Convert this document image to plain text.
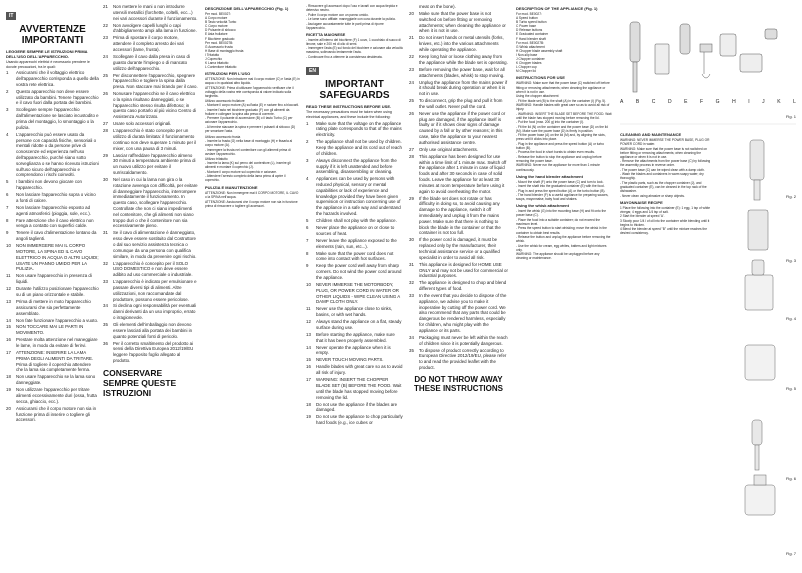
IT
AVVERTENZE IMPORTANTI
LEGGERE SEMPRE LE ISTRUZIONI PRIMA DELL'USO DELL'APPARECCHIO.
Usando apparecchi elettrici è necessario prendere le dovute precauzioni, tra le quali:
1	Assicurarsi che il voltaggio elettrico dell'apparecchio corrisponda a quello della vostra rete elettrica.
2	Questo apparecchio non deve essere utilizzato da bambini. Tenere l'apparecchio e il cavo fuori dalla portata dei bambini.
3	Scollegare sempre l'apparecchio dall'alimentazione se lasciato incustodito e prima del montaggio, lo smontaggio o la pulizia.
4	L'apparecchio può essere usato da persone con capacità fisiche, sensoriali o mentali ridotte o da persone prive di conoscenze ed esperienza nell'uso dell'apparecchio, purché siano sotto sorveglianza o se hanno ricevuto istruzioni sull'uso sicuro dell'apparecchio e comprendono i rischi coinvolti.
5	I bambini non devono giocare con l'apparecchio.
6	Non lasciare l'apparecchio sopra o vicino a fonti di calore.
7	Non lasciare l'apparecchio esposto ad agenti atmosferici (pioggia, sole, ecc.).
8	Fare attenzione che il cavo elettrico non venga a contatto con superfici calde.
9	Tenere il cavo d'alimentazione lontano da angoli taglienti.
10	NON IMMERGERE MAI IL CORPO MOTORE, LA SPINA ED IL CAVO ELETTRICO IN ACQUA O ALTRI LIQUIDI; USATE UN PANNO UMIDO PER LA PULIZIA.
11	Non usare l'apparecchio in presenza di liquidi.
12	Durante l'utilizzo posizionare l'apparecchio su di un piano orizzontale e stabile.
13	Prima di mettere in moto l'apparecchio assicurarsi che sia perfettamente assemblato.
14	Non fate funzionare l'apparecchio a vuoto.
15	NON TOCCARE MAI LE PARTI IN MOVIMENTO.
16	Prestare molta attenzione nel maneggiare le lame, in modo da evitare di ferirvi.
17	ATTENZIONE: INSERIRE LA LAMA PRIMA DEGLI ALIMENTI DA TRITARE. Prima di togliere il coperchio attendere che la lama sia completamente ferma.
18	Non usare l'apparecchio se la lama sono danneggiate.
19	Non utilizzare l'apparecchio per tritare alimenti eccessivamente duri (ossa, frutta secca, ghiaccio, ecc.).
20	Assicurarsi che il corpo motore non sia in funzione prima di inserire o togliere gli accessori.
21	Non mettere le mani o non introdurre utensili metallici (forchette, coltelli, ecc...) nei vari accessori durante il funzionamento.
22	Non avvolgere capelli lunghi o capi d'abbigliamento ampi alla lama in funzione.
23	Prima di spostare il corpo motore, attendere il completo arresto dei vari accessori (lame, frusta).
24	Scollegare il cavo dalla presa in caso di guasto durante l'impiego o di mancato utilizzo dell'apparecchio.
25	Per disconnettere l'apparecchio, spegnere l'apparecchio e togliere la spina dalla presa. Non staccare mai tirando per il cavo.
26	Nonusare l'apparecchio se il cavo elettrico o la spina risultano danneggiati, o se l'apparecchio stesso risulta difettoso; in questo caso portarlo al più vicino Centro di Assistenza Autorizzato.
27	Usare solo accessori originali.
28	L'apparecchio è stato concepito per un utilizzo di durata limitata: il funzionamento continuo non deve superare 1 minuto per il mixer, con una pausa di 3 minuti.
29	Lasciar raffreddare l'apparecchio almeno 30 minuti a temperatura ambiente prima di un nuovo utilizzo per evitare il surriscaldamento.
30	Nel caso in cui la lama non gira o la rotazione avvenga con difficoltà, per evitare di danneggiare l'apparecchio, interrompere immediatamente il funzionamento. In questo caso, scollegare l'apparecchio. Controllate che non ci siano impedimenti nel contenitore, che gli alimenti non siano troppo duri o che il contenitore non sia eccessivamente pieno.
31	Se il cavo di alimentazione è danneggiato, esso deve essere sostituito dal Costruttore o dal suo servizio assistenza tecnica o comunque da una persona con qualifica similare, in modo da prevenire ogni rischio.
32	L'apparecchio è concepito per il SOLO USO DOMESTICO e non deve essere adibito ad uso commerciale o industriale.
33	L'apparecchio è indicato per emulsionare e passare diversi tipi di alimenti. Altre utilizzazioni, non raccomandate dal produttore, possono essere pericolose.
34	Si declina ogni responsabilità per eventuali danni derivanti da un uso improprio, errato o irragionevole.
35	Gli elementi dell'imballaggio non devono essere lasciati alla portata dei bambini in quanto potenziali fonti di pericolo.
36	Per il corretto smaltimento del prodotto ai sensi della Direttiva Europea 2012/19/EU leggere l'apposito foglio allegato al prodotto.
CONSERVARE SEMPRE QUESTE ISTRUZIONI
DESCRIZIONE DELL'APPARECCHIO (Fig. 1)
Per mod. BE0027:
A Corpo motore
B Tasto velocità Turbo
C Corpo motore
D Pulsante di sblocco
E Asta frullatore
F Bicchiere graduato
Per mod. BE0027B:
G Accessorio frusta
H Base di montaggio frusta
I Tritatutto
J Coperchio
K Lama tritatutto
L Contenitore tritatutto
ISTRUZIONI PER L'USO
ATTENZIONE: Non introdurre mai il corpo motore (C) e l'asta (E) in acqua o in qualsiasi altro liquido.
ATTENZIONE: Prima di utilizzare l'apparecchio verificare che il voltaggio della vostra rete corrisponda al valore indicato sulla targhetta.
Utilizzo accessorio frullatore
- Montare il corpo motore (A) sull'asta (E) e ruotare fino a bloccarli.
- Inserire l'asta nel bicchiere graduato (F) con gli alimenti da frullare e collegare la spina alla presa di corrente.
- Premere il pulsante di accensione (B) o il tasto Turbo (C) per azionare l'apparecchio.
- Al termine staccare la spina e premere i pulsanti di sblocco (D) per smontare l'asta.
Utilizzo accessorio frusta
- Inserire la frusta (G) nella base di montaggio (H) e fissarla al corpo motore (A).
- Immergere la frusta nel contenitore con gli alimenti prima di avviare l'apparecchio.
Utilizzo tritatutto
- Inserire la lama (K) sul perno del contenitore (L), inserire gli alimenti e montare il coperchio (J).
- Montare il corpo motore sul coperchio e azionare.
- Attendere l'arresto completo della lama prima di aprire il coperchio.
PULIZIA E MANUTENZIONE
ATTENZIONE: Non immergere mai il CORPO MOTORE, IL CAVO o la SPINA nell'acqua.
ATTENZIONE: Assicurarsi che il corpo motore non sia in funzione prima di rimuovere o togliere gli accessori.
- Rimuovere gli accessori dopo l'uso e lavarli con acqua tiepida e detersivo neutro.
- Pulire il corpo motore con un panno umido.
- Le lame sono affilate: maneggiarle con cura durante la pulizia.
- Asciugare accuratamente tutte le parti prima di riporre l'apparecchio.
RICETTA MAIONESE
- Inserire all'interno del bicchiere (F) 1 uovo, 1 cucchiaio di succo di limone, sale e 200 ml di olio di semi.
- Immergere l'asta (E) sul fondo del bicchiere e azionare alla velocità massima, sollevando lentamente l'asta.
- Continuare fino a ottenere la consistenza desiderata.
EN
IMPORTANT SAFEGUARDS
READ THESE INSTRUCTIONS BEFORE USE.
The necessary precautions must be taken when using electrical appliances, and these include the following:
1	Make sure that the voltage on the appliance rating plate corresponds to that of the mains electricity.
2	The appliance shall not be used by children. Keep the appliance and its cord out of reach of children.
3	Always disconnect the appliance from the supply if it is left unattended and before assembling, disassembling or cleaning.
4	Appliances can be used by persons with reduced physical, sensory or mental capabilities or lack of experience and knowledge provided they have been given supervision or instruction concerning use of the appliance in a safe way and understand the hazards involved.
5	Children shall not play with the appliance.
6	Never place the appliance on or close to sources of heat.
7	Never leave the appliance exposed to the elements (rain, sun, etc...).
8	Make sure that the power cord does not come into contact with hot surfaces.
9	Keep the power cord well away from sharp corners. Do not wind the power cord around the appliance.
10	NEVER IMMERSE THE MOTORBODY, PLUG, OR POWER CORD IN WATER OR OTHER LIQUIDS - WIPE CLEAN USING A DAMP CLOTH ONLY.
11	Never use the appliance close to sinks, basins, or with wet hands.
12	Always stand the appliance on a flat, steady surface during use.
13	Before starting the appliance, make sure that it has been properly assembled.
14	Never operate the appliance when it is empty.
15	NEVER TOUCH MOVING PARTS.
16	Handle blades with great care so as to avoid all risk of injury.
17	WARNING: INSERT THE CHOPPER BLADE SET (B) BEFORE THE FOOD. Wait until the blade has stopped moving before removing the lid.
18	Do not use the appliance if the blades are damaged.
19	Do not use the appliance to chop particularly hard foods (e.g., ice cubes or
meat on the bone).
20	Make sure that the power base is not switched on before fitting or removing attachments; when cleaning the appliance or when it is not in use.
21	Do not insert hands or metal utensils (forks, knives, etc.) into the various attachments while operating the appliance.
22	Keep long hair or loose clothing away from the appliance while the blade set is operating.
23	Before removing the power base, wait for all attachments (blades, whisk) to stop moving.
24	Unplug the appliance from the mains power if it should break during operation or when it is not in use.
25	To disconnect, grip the plug and pull it from the wall outlet. Never pull the cord.
26	Never use the appliance if the power cord or plug are damaged, if the appliance itself is faulty or if it shows clear signs of damage caused by a fall or by other reasons; in this case, take the appliance to your nearest authorised assistance centre.
27	Only use original attachments.
28	This appliance has been designed for use within a time limit of 1 minute max. Switch off the appliance after 1 minute in case of liquid foods and after 30 seconds in case of solid foods. Leave the appliance for at least 30 minutes at room temperature before using it again to avoid overheating the motor.
29	If the blade set does not rotate or has difficulty in doing so, to avoid causing any damage to the appliance, switch it off immediately and unplug it from the mains power. Make sure that there is nothing to block the blade in the container or that the container is not too full.
30	If the power cord is damaged, it must be replaced only by the manufacturer, their technical assistance service or a qualified specialist in order to avoid all risk.
31	This appliance is designed for HOME USE ONLY and may not be used for commercial or industrial purposes.
32	The appliance is designed to chop and blend different types of food.
33	In the event that you decide to dispose of the appliance, we advise you to make it inoperative by cutting off the power cord. We also recommend that any parts that could be dangerous be rendered harmless, especially for children, who might play with the appliance or its parts.
34	Packaging must never be left within the reach of children since it is potentially dangerous.
35	To dispose of product correctly according to European Directive 2012/19/EU, please refer to and read the provided leaflet with the product.
DO NOT THROW AWAY THESE INSTRUCTIONS
DESCRIPTION OF THE APPLIANCE (Fig. 1)
For mod. BE0027:
A Speed button
B Turbo speed button
C Power base
D Release buttons
E Graduated container
F Hand blender shaft
For mod. BE0027B:
G Whisk attachment
H Chopper blade assembly shaft
I Non-slip base
J Chopper container
K Chopper blades
L Chopper cup
M Chopper lid
INSTRUCTIONS FOR USE
WARNING: Make sure that the power base (C) switched off before fitting or removing attachments; when cleaning the appliance or when it is not in use.
Using the chopper attachment
- Fit the blade set (B) to the shaft (A) in the container (I) (Fig. 5).
WARNING: Handle blades with great care so as to avoid all risk of injury.
- WARNING: INSERT THE BLADE SET BEFORE THE FOOD. Wait until the blade has stopped moving before removing the lid.
- Put the food (max. 200 g) into the container (I).
- Fit the lid (N) on the container and the power base (D) on the lid (M). Make sure the power base (D) is firmly in position.
- Fit the power base (A) on the lid (M) and, by aligning the slots, press until it clicks into place.
- Plug in the appliance and press the speed button (A) or turbo button (B).
- Process the food in short bursts to obtain even results.
- Release the button to stop the appliance and unplug before removing the power base.
WARNING: Never run the appliance for more than 1 minute continuously.
Using the hand blender attachment
- Mount the shaft (F) onto the power base (C) and turn to lock.
- Insert the shaft into the graduated container (E) with the food.
- Plug in and press the speed button (A) or the turbo button (B).
- The hand blender (F) is a useful appliance for preparing sauces, soups, mayonnaise, baby food and shakes.
Using the whisk attachment
- Insert the whisk (G) into the mounting base (H) and fit onto the power base (C).
- Place the food into a suitable container; do not exceed the maximum level.
- Press the speed button to start whisking; move the whisk in the container to obtain best results.
- Release the button and unplug the appliance before removing the whisk.
- Use the whisk for cream, egg whites, batters and light mixtures only.
WARNING: The appliance should be unplugged before any cleaning or maintenance.
A	B	C	D	E	F	G	H	I	J	K	L
Fig. 1
CLEANING AND MAINTENANCE
WARNING: NEVER IMMERSE THE POWER BASE, PLUG OR POWER CORD in water.
WARNING: Make sure that the power base is not switched on before fitting or removing attachments; when cleaning the appliance or when it is not in use.
- Remove the attachments from the power base (C) by following the assembly process in reverse order.
- The power base (C) can be wiped clean with a damp cloth.
- Wash the blades and containers in warm soapy water; dry thoroughly.
- The plastic parts, such as the chopper container (J), and graduated container (E), can be cleaned in the top rack of the dishwasher.
- Never clean using abrasive or sharp objects.
MAYONNAISE RECIPE
1 Place the following into the container (E): 1 egg, 1 tsp of white vinegar, 4 eggs and 1/4 tsp of salt.
2 Start the blender at speed 'A'.
3 Slowly pour 1/4 l of oil into the container while blending until it begins to thicken.
4 Blend the blender at speed "B" until the mixture reaches the desired consistency.
Fig. 2
Fig. 3
Fig. 4
Fig. 5
Fig. 6
Fig. 7
